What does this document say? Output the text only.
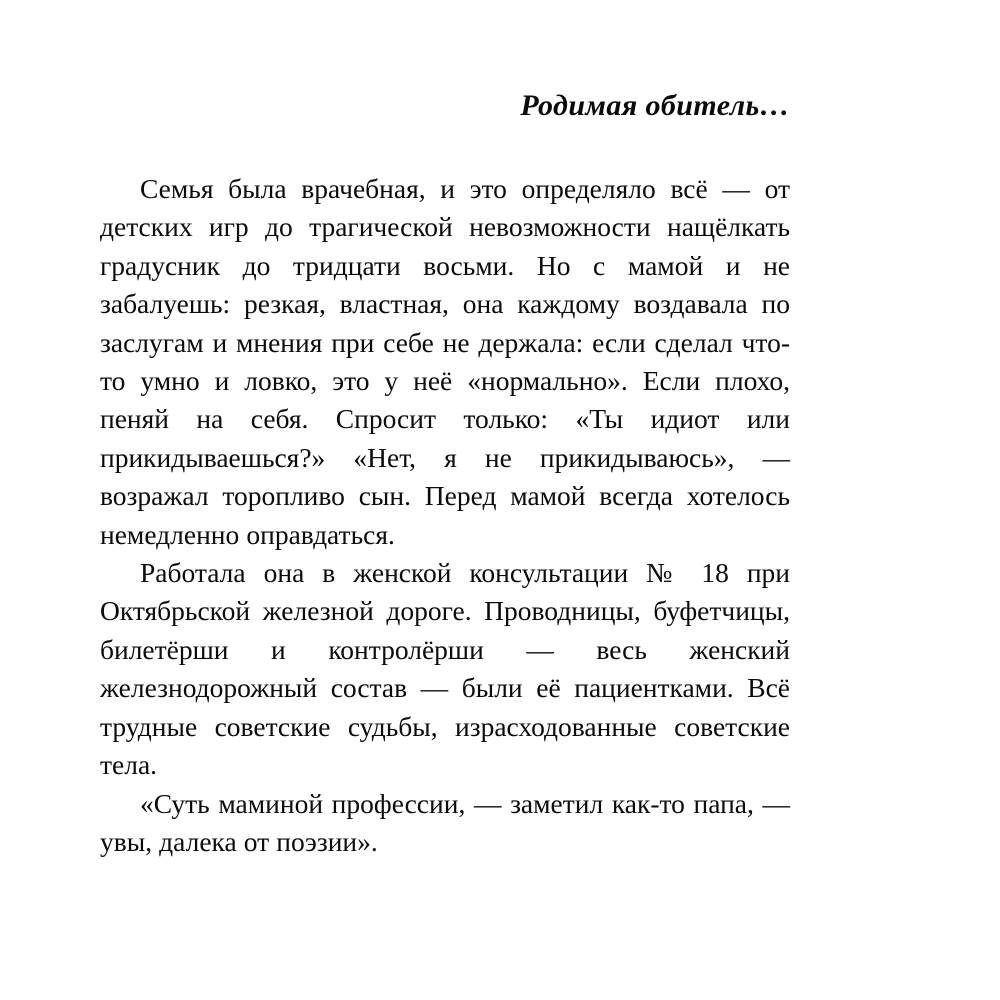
Родимая обитель…

Семья была врачебная, и это определяло всё — от детских игр до трагической невозможности нащёлкать градусник до тридцати восьми. Но с мамой и не забалуешь: резкая, властная, она каждому воздавала по заслугам и мнения при себе не держала: если сделал что-то умно и ловко, это у неё «нормально». Если плохо, пеняй на себя. Спросит только: «Ты идиот или прикидываешься?» «Нет, я не прикидываюсь», — возражал торопливо сын. Перед мамой всегда хотелось немедленно оправдаться.

Работала она в женской консультации № 18 при Октябрьской железной дороге. Проводницы, буфетчицы, билетёрши и контролёрши — весь женский железнодорожный состав — были её пациентками. Всё трудные советские судьбы, израсходованные советские тела.

«Суть маминой профессии, — заметил как-то папа, — увы, далека от поэзии».
